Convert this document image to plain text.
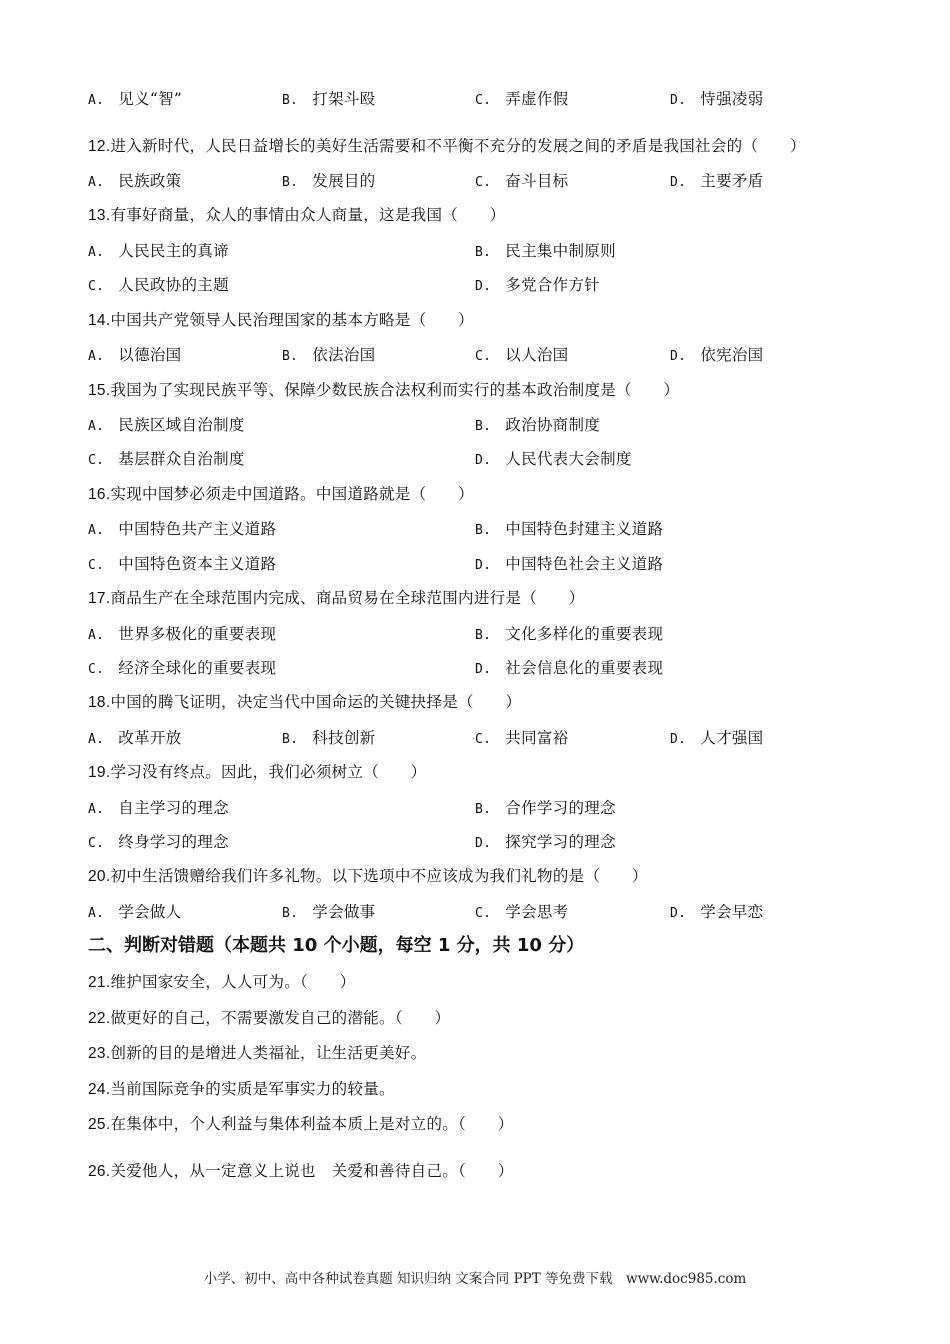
A. 见义“智”	B. 打架斗殴	C. 弄虚作假	D. 恃强凌弱
12.进入新时代，人民日益增长的美好生活需要和不平衡不充分的发展之间的矛盾是我国社会的（　　）
A. 民族政策	B. 发展目的	C. 奋斗目标	D. 主要矛盾
13.有事好商量，众人的事情由众人商量，这是我国（　　）
A. 人民民主的真谛	B. 民主集中制原则
C. 人民政协的主题	D. 多党合作方针
14.中国共产党领导人民治理国家的基本方略是（　　）
A. 以德治国	B. 依法治国	C. 以人治国	D. 依宪治国
15.我国为了实现民族平等、保障少数民族合法权利而实行的基本政治制度是（　　）
A. 民族区域自治制度	B. 政治协商制度
C. 基层群众自治制度	D. 人民代表大会制度
16.实现中国梦必须走中国道路。中国道路就是（　　）
A. 中国特色共产主义道路	B. 中国特色封建主义道路
C. 中国特色资本主义道路	D. 中国特色社会主义道路
17.商品生产在全球范围内完成、商品贸易在全球范围内进行是（　　）
A. 世界多极化的重要表现	B. 文化多样化的重要表现
C. 经济全球化的重要表现	D. 社会信息化的重要表现
18.中国的腾飞证明，决定当代中国命运的关键抉择是（　　）
A. 改革开放	B. 科技创新	C. 共同富裕	D. 人才强国
19.学习没有终点。因此，我们必须树立（　　）
A. 自主学习的理念	B. 合作学习的理念
C. 终身学习的理念	D. 探究学习的理念
20.初中生活馈赠给我们许多礼物。以下选项中不应该成为我们礼物的是（　　）
A. 学会做人	B. 学会做事	C. 学会思考	D. 学会早恋
二、判断对错题（本题共 10 个小题，每空 1 分，共 10 分）
21.维护国家安全，人人可为。（　　）
22.做更好的自己，不需要激发自己的潜能。（　　）
23.创新的目的是增进人类福祉，让生活更美好。
24.当前国际竞争的实质是军事实力的较量。
25.在集体中，个人利益与集体利益本质上是对立的。（　　）
26.关爱他人，从一定意义上说也　关爱和善待自己。（　　）
小学、初中、高中各种试卷真题 知识归纳 文案合同 PPT 等免费下载　www.doc985.com
